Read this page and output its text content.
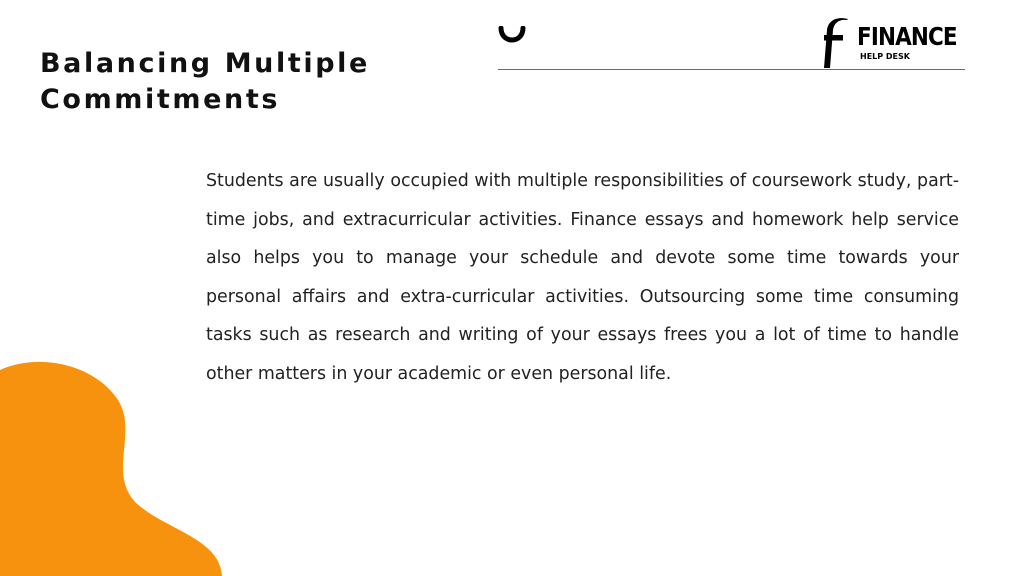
Balancing Multiple
Commitments
FINANCE
HELP DESK

Students are usually occupied with multiple responsibilities of coursework study, part-time jobs, and extracurricular activities. Finance essays and homework help service also helps you to manage your schedule and devote some time towards your personal affairs and extra-curricular activities. Outsourcing some time consuming tasks such as research and writing of your essays frees you a lot of time to handle other matters in your academic or even personal life.
